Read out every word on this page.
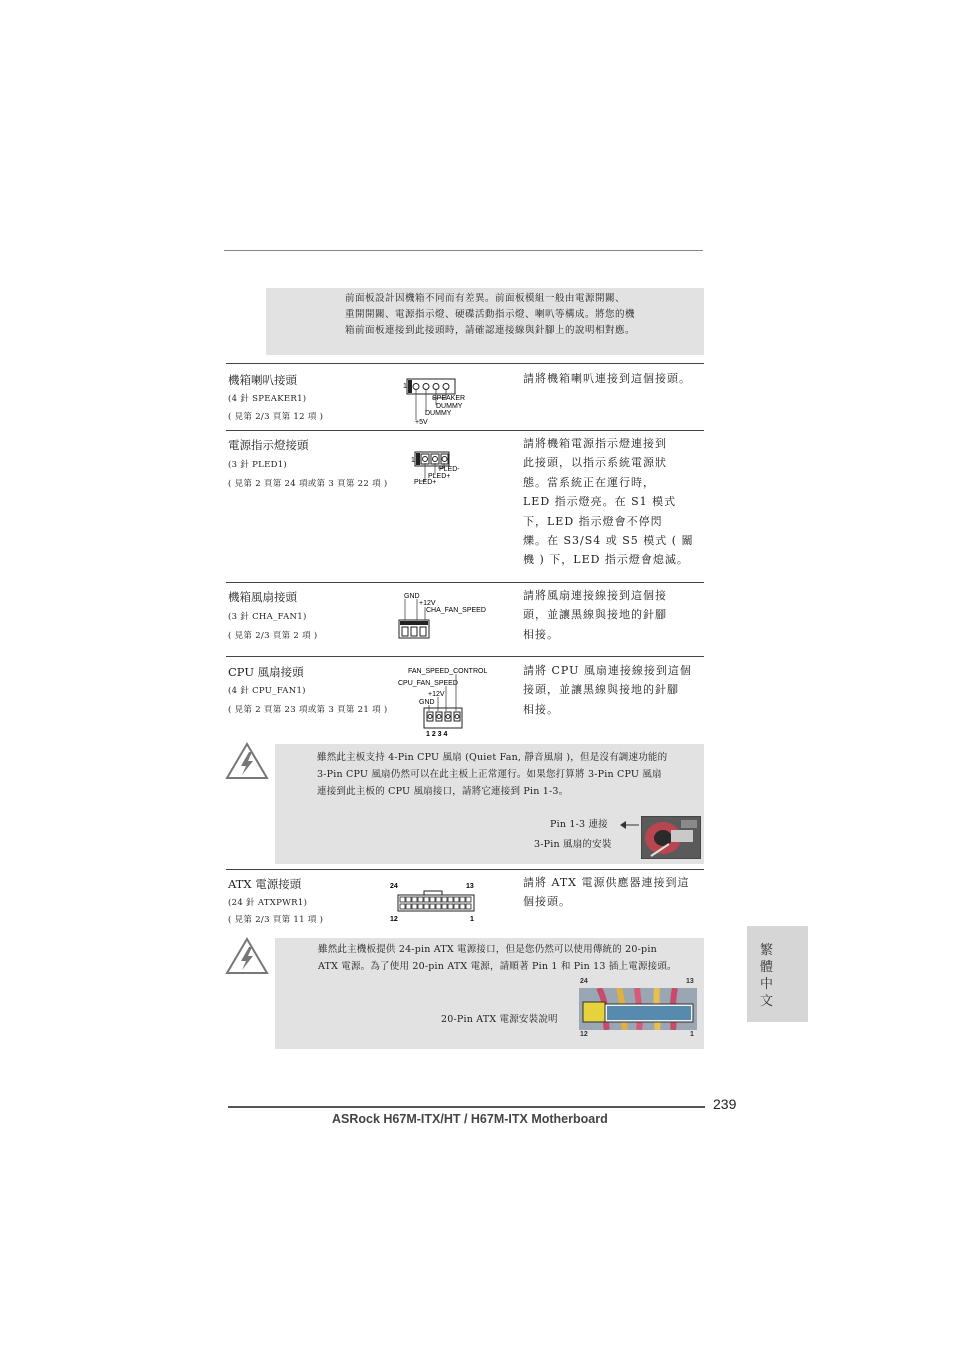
前面板設計因機箱不同而有差異。前面板模組一般由電源開關、
重開開關、電源指示燈、硬碟活動指示燈、喇叭等構成。將您的機
箱前面板連接到此接頭時，請確認連接線與針腳上的說明相對應。
機箱喇叭接頭
(4 針 SPEAKER1)
( 見第 2/3 頁第 12 項 )
請將機箱喇叭連接到這個接頭。
1
SPEAKER
DUMMY
DUMMY
+5V
電源指示燈接頭
(3 針 PLED1)
( 見第 2 頁第 24 項或第 3 頁第 22 項 )
請將機箱電源指示燈連接到
此接頭，以指示系統電源狀
態。當系統正在運行時，
LED 指示燈亮。在 S1 模式
下，LED 指示燈會不停閃
爍。在 S3/S4 或 S5 模式 ( 關
機 ) 下，LED 指示燈會熄滅。
1
PLED-
PLED+
PLED+
機箱風扇接頭
(3 針 CHA_FAN1)
( 見第 2/3 頁第 2 項 )
請將風扇連接線接到這個接
頭，並讓黑線與接地的針腳
相接。
GND
+12V
CHA_FAN_SPEED
CPU 風扇接頭
(4 針 CPU_FAN1)
( 見第 2 頁第 23 項或第 3 頁第 21 項 )
請將 CPU 風扇連接線接到這個
接頭，並讓黑線與接地的針腳
相接。
FAN_SPEED_CONTROL
CPU_FAN_SPEED
+12V
GND
1 2 3 4
雖然此主板支持 4-Pin CPU 風扇 (Quiet Fan, 靜音風扇 )，但是沒有調速功能的
3-Pin CPU 風扇仍然可以在此主板上正常運行。如果您打算將 3-Pin CPU 風扇
連接到此主板的 CPU 風扇接口，請將它連接到 Pin 1-3。
Pin 1-3 連接
3-Pin 風扇的安裝
ATX 電源接頭
(24 針 ATXPWR1)
( 見第 2/3 頁第 11 項 )
請將 ATX 電源供應器連接到這
個接頭。
24	13
12	1
雖然此主機板提供 24-pin ATX 電源接口，但是您仍然可以使用傳統的 20-pin
ATX 電源。為了使用 20-pin ATX 電源，請順著 Pin 1 和 Pin 13 插上電源接頭。
20-Pin ATX 電源安裝說明
24	13
12	1
繁體中文
239
ASRock H67M-ITX/HT / H67M-ITX Motherboard
